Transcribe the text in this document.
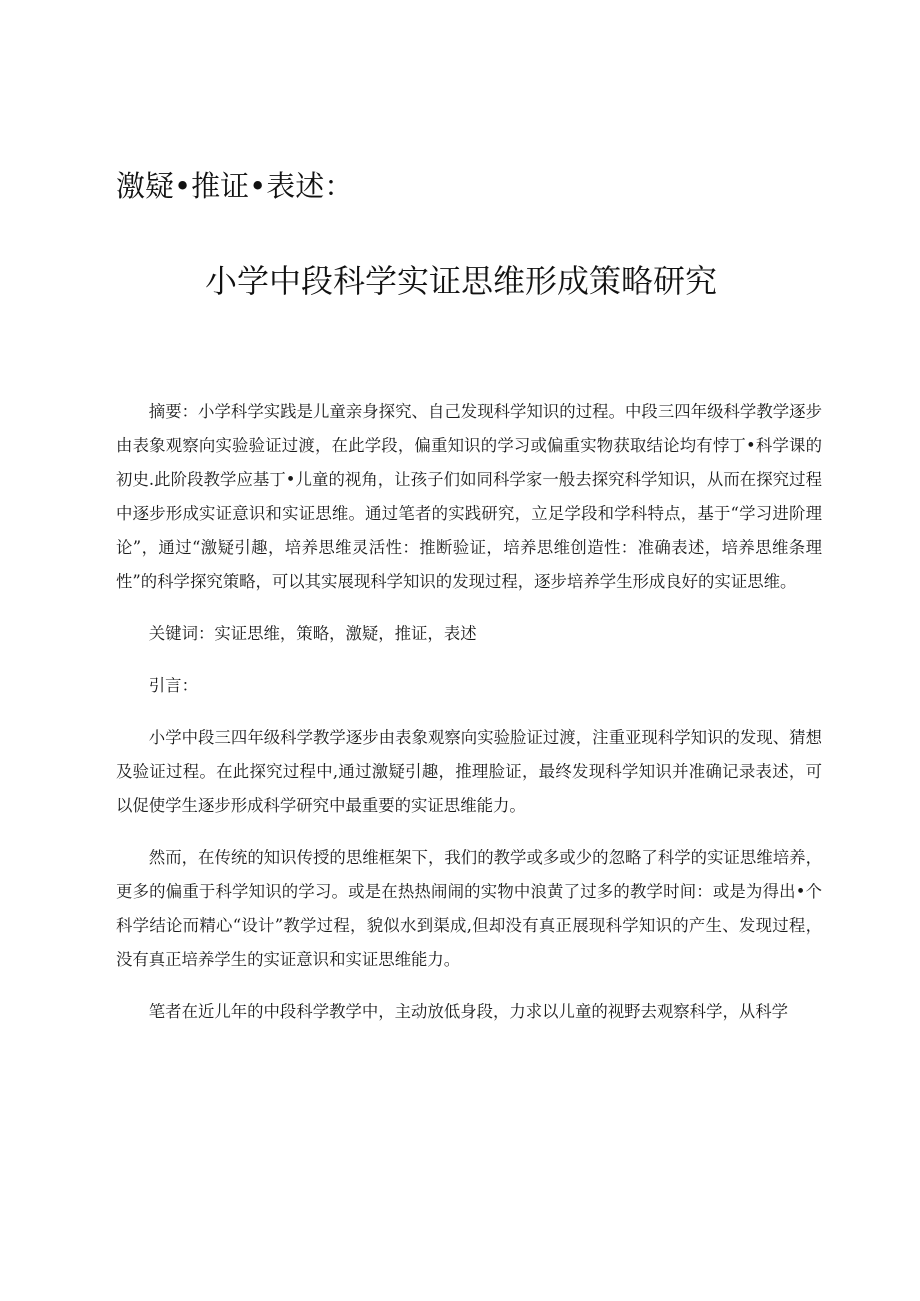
激疑•推证•表述：
小学中段科学实证思维形成策略研究

摘要：小学科学实践是儿童亲身探究、自己发现科学知识的过程。中段三四年级科学教学逐步由表象观察向实验验证过渡，在此学段，偏重知识的学习或偏重实物获取结论均有悖丁•科学课的初史.此阶段教学应基丁•儿童的视角，让孩子们如同科学家一般去探究科学知识，从而在探究过程中逐步形成实证意识和实证思维。通过笔者的实践研究，立足学段和学科特点，基于“学习进阶理论”，通过“激疑引趣，培养思维灵活性：推断验证，培养思维创造性：准确表述，培养思维条理性”的科学探究策略，可以其实展现科学知识的发现过程，逐步培养学生形成良好的实证思维。

关键词：实证思维，策略，激疑，推证，表述

引言：

小学中段三四年级科学教学逐步由表象观察向实验脸证过渡，注重亚现科学知识的发现、猜想及验证过程。在此探究过程中,通过激疑引趣，推理脸证，最终发现科学知识并准确记录表述，可以促使学生逐步形成科学研究中最重要的实证思维能力。

然而，在传统的知识传授的思维框架下，我们的教学或多或少的忽略了科学的实证思维培养，更多的偏重于科学知识的学习。或是在热热闹闹的实物中浪黄了过多的教学时间：或是为得出•个科学结论而精心“设计”教学过程，貌似水到渠成,但却没有真正展现科学知识的产生、发现过程，没有真正培养学生的实证意识和实证思维能力。

笔者在近儿年的中段科学教学中，主动放低身段，力求以儿童的视野去观察科学，从科学
